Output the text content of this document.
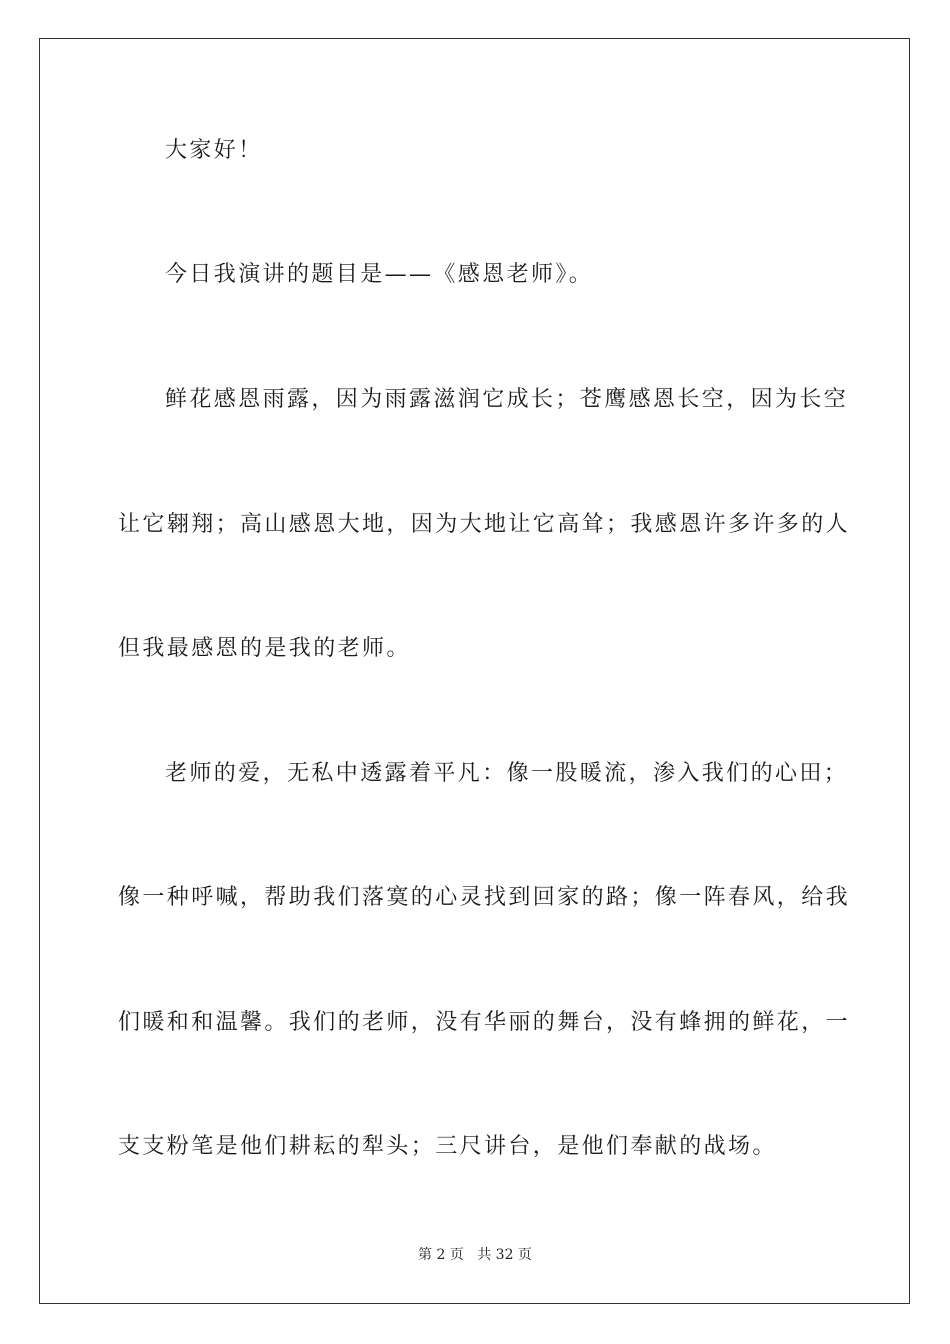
大家好！
今日我演讲的题目是——《感恩老师》。
鲜花感恩雨露，因为雨露滋润它成长；苍鹰感恩长空，因为长空
让它翱翔；高山感恩大地，因为大地让它高耸；我感恩许多许多的人
但我最感恩的是我的老师。
老师的爱，无私中透露着平凡：像一股暖流，渗入我们的心田；
像一种呼喊，帮助我们落寞的心灵找到回家的路；像一阵春风，给我
们暖和和温馨。我们的老师，没有华丽的舞台，没有蜂拥的鲜花，一
支支粉笔是他们耕耘的犁头；三尺讲台，是他们奉献的战场。
第 2 页 共 32 页
